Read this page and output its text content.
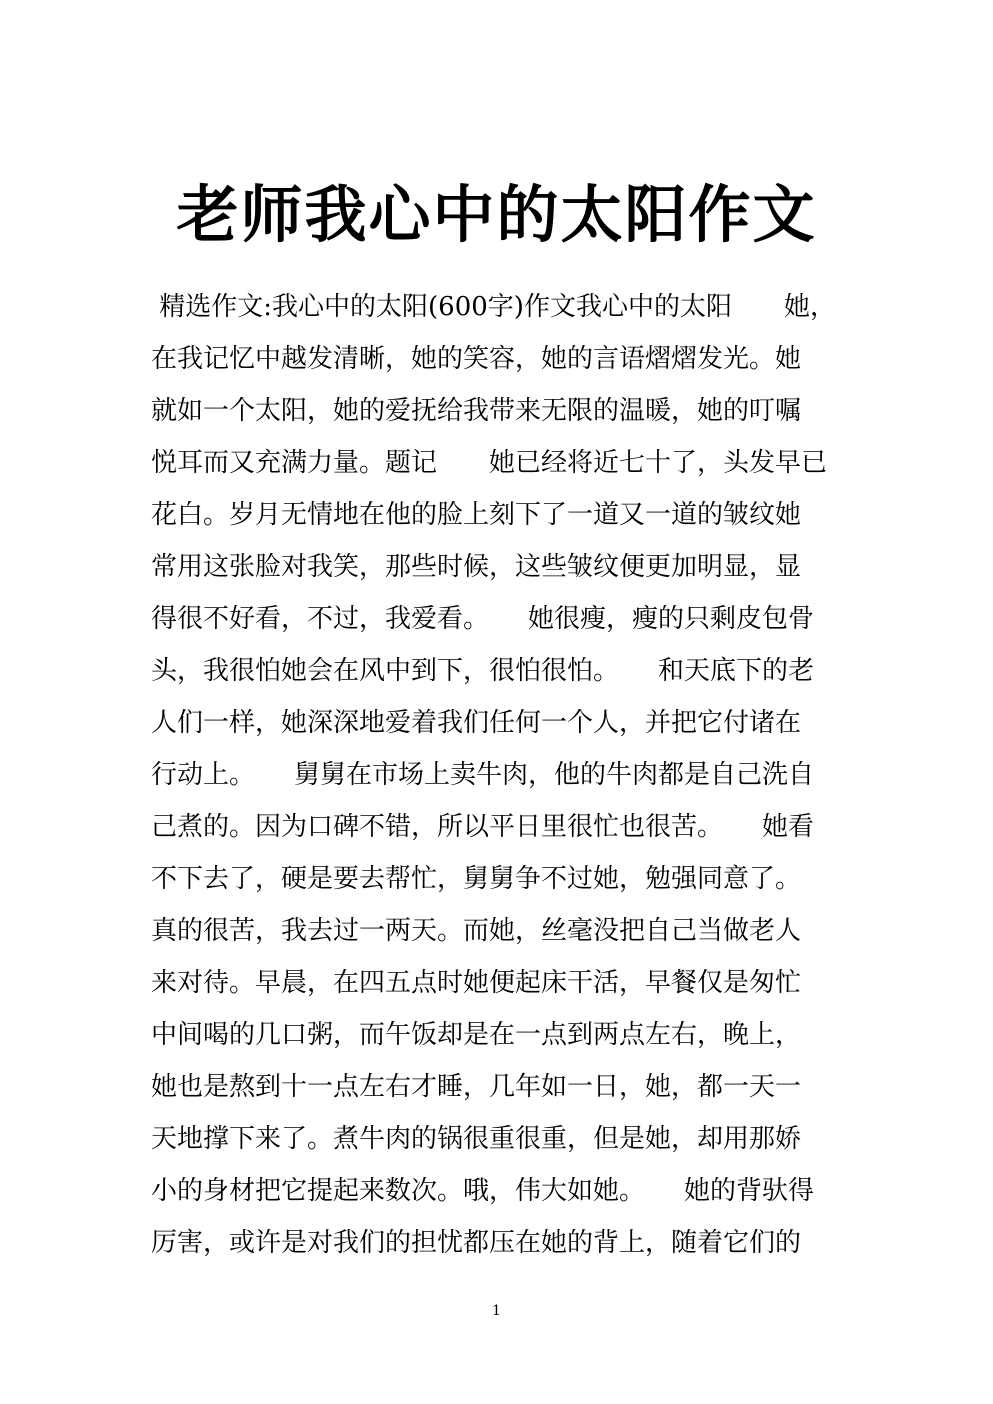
老师我心中的太阳作文
精选作文:我心中的太阳(600字)作文我心中的太阳　　她，
在我记忆中越发清晰，她的笑容，她的言语熠熠发光。她
就如一个太阳，她的爱抚给我带来无限的温暖，她的叮嘱
悦耳而又充满力量。题记　　她已经将近七十了，头发早已
花白。岁月无情地在他的脸上刻下了一道又一道的皱纹她
常用这张脸对我笑，那些时候，这些皱纹便更加明显，显
得很不好看，不过，我爱看。　　她很瘦，瘦的只剩皮包骨
头，我很怕她会在风中到下，很怕很怕。　　和天底下的老
人们一样，她深深地爱着我们任何一个人，并把它付诸在
行动上。　　舅舅在市场上卖牛肉，他的牛肉都是自己洗自
己煮的。因为口碑不错，所以平日里很忙也很苦。　　她看
不下去了，硬是要去帮忙，舅舅争不过她，勉强同意了。
真的很苦，我去过一两天。而她，丝毫没把自己当做老人
来对待。早晨，在四五点时她便起床干活，早餐仅是匆忙
中间喝的几口粥，而午饭却是在一点到两点左右，晚上，
她也是熬到十一点左右才睡，几年如一日，她，都一天一
天地撑下来了。煮牛肉的锅很重很重，但是她，却用那娇
小的身材把它提起来数次。哦，伟大如她。　　她的背驮得
厉害，或许是对我们的担忧都压在她的背上，随着它们的
1
